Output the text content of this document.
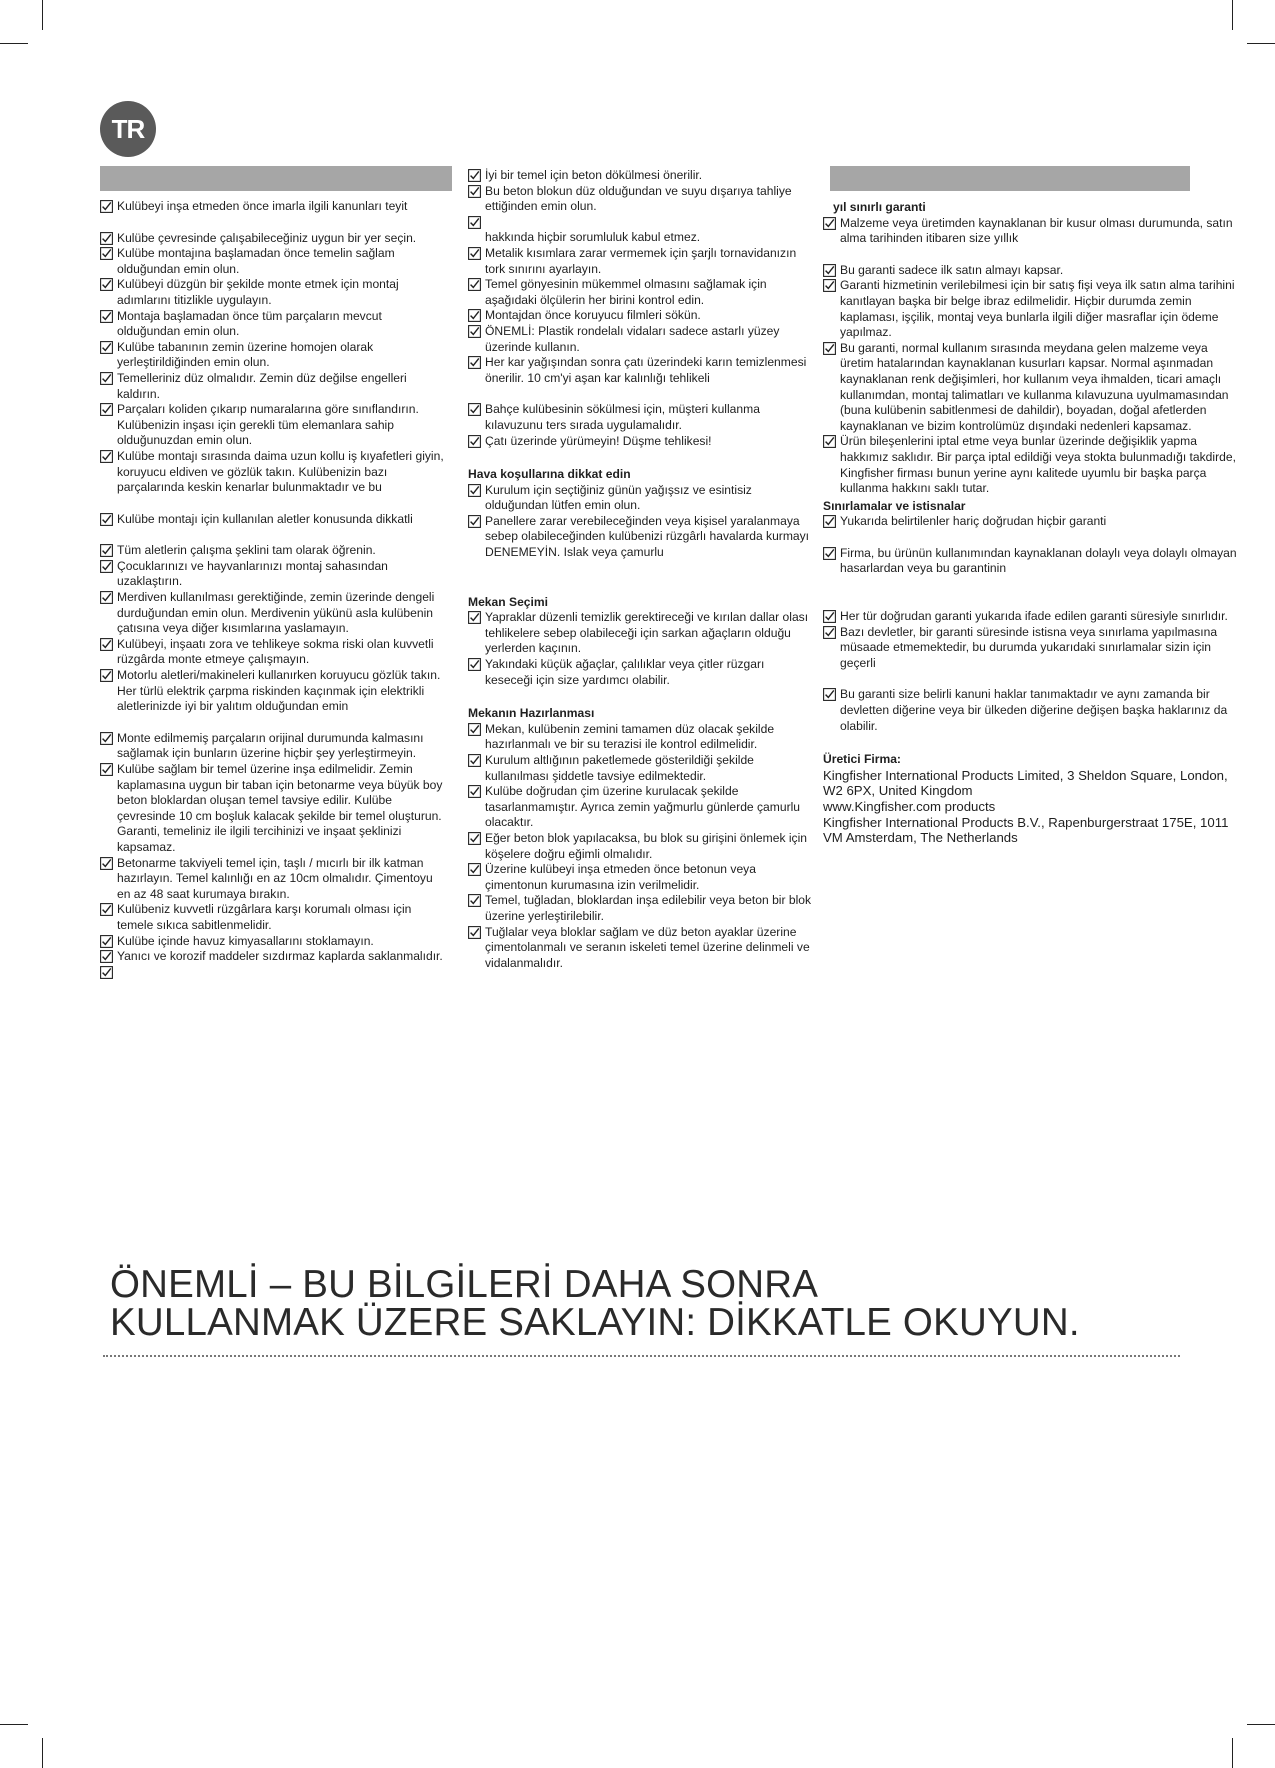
TR
Kulübeyi inşa etmeden önce imarla ilgili kanunları teyit
Kulübe çevresinde çalışabileceğiniz uygun bir yer seçin.
Kulübe montajına başlamadan önce temelin sağlam olduğundan emin olun.
Kulübeyi düzgün bir şekilde monte etmek için montaj adımlarını titizlikle uygulayın.
Montaja başlamadan önce tüm parçaların mevcut olduğundan emin olun.
Kulübe tabanının zemin üzerine homojen olarak yerleştirildiğinden emin olun.
Temelleriniz düz olmalıdır. Zemin düz değilse engelleri kaldırın.
Parçaları koliden çıkarıp numaralarına göre sınıflandırın. Kulübenizin inşası için gerekli tüm elemanlara sahip olduğunuzdan emin olun.
Kulübe montajı sırasında daima uzun kollu iş kıyafetleri giyin, koruyucu eldiven ve gözlük takın. Kulübenizin bazı parçalarında keskin kenarlar bulunmaktadır ve bu
Kulübe montajı için kullanılan aletler konusunda dikkatli
Tüm aletlerin çalışma şeklini tam olarak öğrenin.
Çocuklarınızı ve hayvanlarınızı montaj sahasından uzaklaştırın.
Merdiven kullanılması gerektiğinde, zemin üzerinde dengeli durduğundan emin olun. Merdivenin yükünü asla kulübenin çatısına veya diğer kısımlarına yaslamayın.
Kulübeyi, inşaatı zora ve tehlikeye sokma riski olan kuvvetli rüzgârda monte etmeye çalışmayın.
Motorlu aletleri/makineleri kullanırken koruyucu gözlük takın. Her türlü elektrik çarpma riskinden kaçınmak için elektrikli aletlerinizde iyi bir yalıtım olduğundan emin
Monte edilmemiş parçaların orijinal durumunda kalmasını sağlamak için bunların üzerine hiçbir şey yerleştirmeyin.
Kulübe sağlam bir temel üzerine inşa edilmelidir. Zemin kaplamasına uygun bir taban için betonarme veya büyük boy beton bloklardan oluşan temel tavsiye edilir. Kulübe çevresinde 10 cm boşluk kalacak şekilde bir temel oluşturun. Garanti, temeliniz ile ilgili tercihinizi ve inşaat şeklinizi kapsamaz.
Betonarme takviyeli temel için, taşlı / mıcırlı bir ilk katman hazırlayın. Temel kalınlığı en az 10cm olmalıdır. Çimentoyu en az 48 saat kurumaya bırakın.
Kulübeniz kuvvetli rüzgârlara karşı korumalı olması için temele sıkıca sabitlenmelidir.
Kulübe içinde havuz kimyasallarını stoklamayın.
Yanıcı ve korozif maddeler sızdırmaz kaplarda saklanmalıdır.
İyi bir temel için beton dökülmesi önerilir.
Bu beton blokun düz olduğundan ve suyu dışarıya tahliye ettiğinden emin olun.
hakkında hiçbir sorumluluk kabul etmez.
Metalik kısımlara zarar vermemek için şarjlı tornavidanızın tork sınırını ayarlayın.
Temel gönyesinin mükemmel olmasını sağlamak için aşağıdaki ölçülerin her birini kontrol edin.
Montajdan önce koruyucu filmleri sökün.
ÖNEMLİ: Plastik rondelalı vidaları sadece astarlı yüzey üzerinde kullanın.
Her kar yağışından sonra çatı üzerindeki karın temizlenmesi önerilir. 10 cm'yi aşan kar kalınlığı tehlikeli
Bahçe kulübesinin sökülmesi için, müşteri kullanma kılavuzunu ters sırada uygulamalıdır.
Çatı üzerinde yürümeyin! Düşme tehlikesi!
Hava koşullarına dikkat edin
Kurulum için seçtiğiniz günün yağışsız ve esintisiz olduğundan lütfen emin olun.
Panellere zarar verebileceğinden veya kişisel yaralanmaya sebep olabileceğinden kulübenizi rüzgârlı havalarda kurmayı DENEMEYİN. Islak veya çamurlu
Mekan Seçimi
Yapraklar düzenli temizlik gerektireceği ve kırılan dallar olası tehlikelere sebep olabileceği için sarkan ağaçların olduğu yerlerden kaçının.
Yakındaki küçük ağaçlar, çalılıklar veya çitler rüzgarı keseceği için size yardımcı olabilir.
Mekanın Hazırlanması
Mekan, kulübenin zemini tamamen düz olacak şekilde hazırlanmalı ve bir su terazisi ile kontrol edilmelidir.
Kurulum altlığının paketlemede gösterildiği şekilde kullanılması şiddetle tavsiye edilmektedir.
Kulübe doğrudan çim üzerine kurulacak şekilde tasarlanmamıştır. Ayrıca zemin yağmurlu günlerde çamurlu olacaktır.
Eğer beton blok yapılacaksa, bu blok su girişini önlemek için köşelere doğru eğimli olmalıdır.
Üzerine kulübeyi inşa etmeden önce betonun veya çimentonun kurumasına izin verilmelidir.
Temel, tuğladan, bloklardan inşa edilebilir veya beton bir blok üzerine yerleştirilebilir.
Tuğlalar veya bloklar sağlam ve düz beton ayaklar üzerine çimentolanmalı ve seranın iskeleti temel üzerine delinmeli ve vidalanmalıdır.
yıl sınırlı garanti
Malzeme veya üretimden kaynaklanan bir kusur olması durumunda, satın alma tarihinden itibaren size yıllık
Bu garanti sadece ilk satın almayı kapsar.
Garanti hizmetinin verilebilmesi için bir satış fişi veya ilk satın alma tarihini kanıtlayan başka bir belge ibraz edilmelidir. Hiçbir durumda zemin kaplaması, işçilik, montaj veya bunlarla ilgili diğer masraflar için ödeme yapılmaz.
Bu garanti, normal kullanım sırasında meydana gelen malzeme veya üretim hatalarından kaynaklanan kusurları kapsar. Normal aşınmadan kaynaklanan renk değişimleri, hor kullanım veya ihmalden, ticari amaçlı kullanımdan, montaj talimatları ve kullanma kılavuzuna uyulmamasından (buna kulübenin sabitlenmesi de dahildir), boyadan, doğal afetlerden kaynaklanan ve bizim kontrolümüz dışındaki nedenleri kapsamaz.
Ürün bileşenlerini iptal etme veya bunlar üzerinde değişiklik yapma hakkımız saklıdır. Bir parça iptal edildiği veya stokta bulunmadığı takdirde, Kingfisher firması bunun yerine aynı kalitede uyumlu bir başka parça kullanma hakkını saklı tutar.
Sınırlamalar ve istisnalar
Yukarıda belirtilenler hariç doğrudan hiçbir garanti
Firma, bu ürünün kullanımından kaynaklanan dolaylı veya dolaylı olmayan hasarlardan veya bu garantinin
Her tür doğrudan garanti yukarıda ifade edilen garanti süresiyle sınırlıdır.
Bazı devletler, bir garanti süresinde istisna veya sınırlama yapılmasına müsaade etmemektedir, bu durumda yukarıdaki sınırlamalar sizin için geçerli
Bu garanti size belirli kanuni haklar tanımaktadır ve aynı zamanda bir devletten diğerine veya bir ülkeden diğerine değişen başka haklarınız da olabilir.
Üretici Firma:
Kingfisher International Products Limited, 3 Sheldon Square, London,
W2 6PX, United Kingdom
www.Kingfisher.com products
Kingfisher International Products B.V., Rapenburgerstraat 175E, 1011
VM Amsterdam, The Netherlands
ÖNEMLİ – BU BİLGİLERİ DAHA SONRA
KULLANMAK ÜZERE SAKLAYIN: DİKKATLE OKUYUN.
